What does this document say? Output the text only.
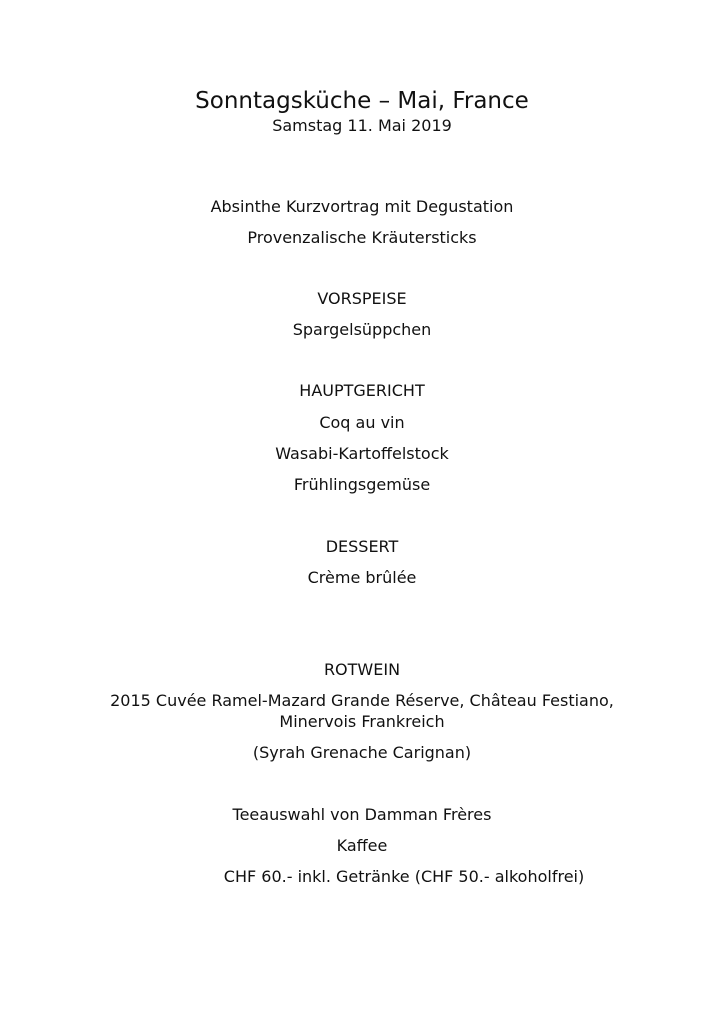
Sonntagsküche – Mai, France
Samstag 11. Mai 2019
Absinthe Kurzvortrag mit Degustation
Provenzalische Kräutersticks
VORSPEISE
Spargelsüppchen
HAUPTGERICHT
Coq au vin
Wasabi-Kartoffelstock
Frühlingsgemüse
DESSERT
Crème brûlée
ROTWEIN
2015 Cuvée Ramel-Mazard Grande Réserve, Château Festiano,
Minervois Frankreich
(Syrah Grenache Carignan)
Teeauswahl von Damman Frères
Kaffee
CHF 60.- inkl. Getränke (CHF 50.- alkoholfrei)
